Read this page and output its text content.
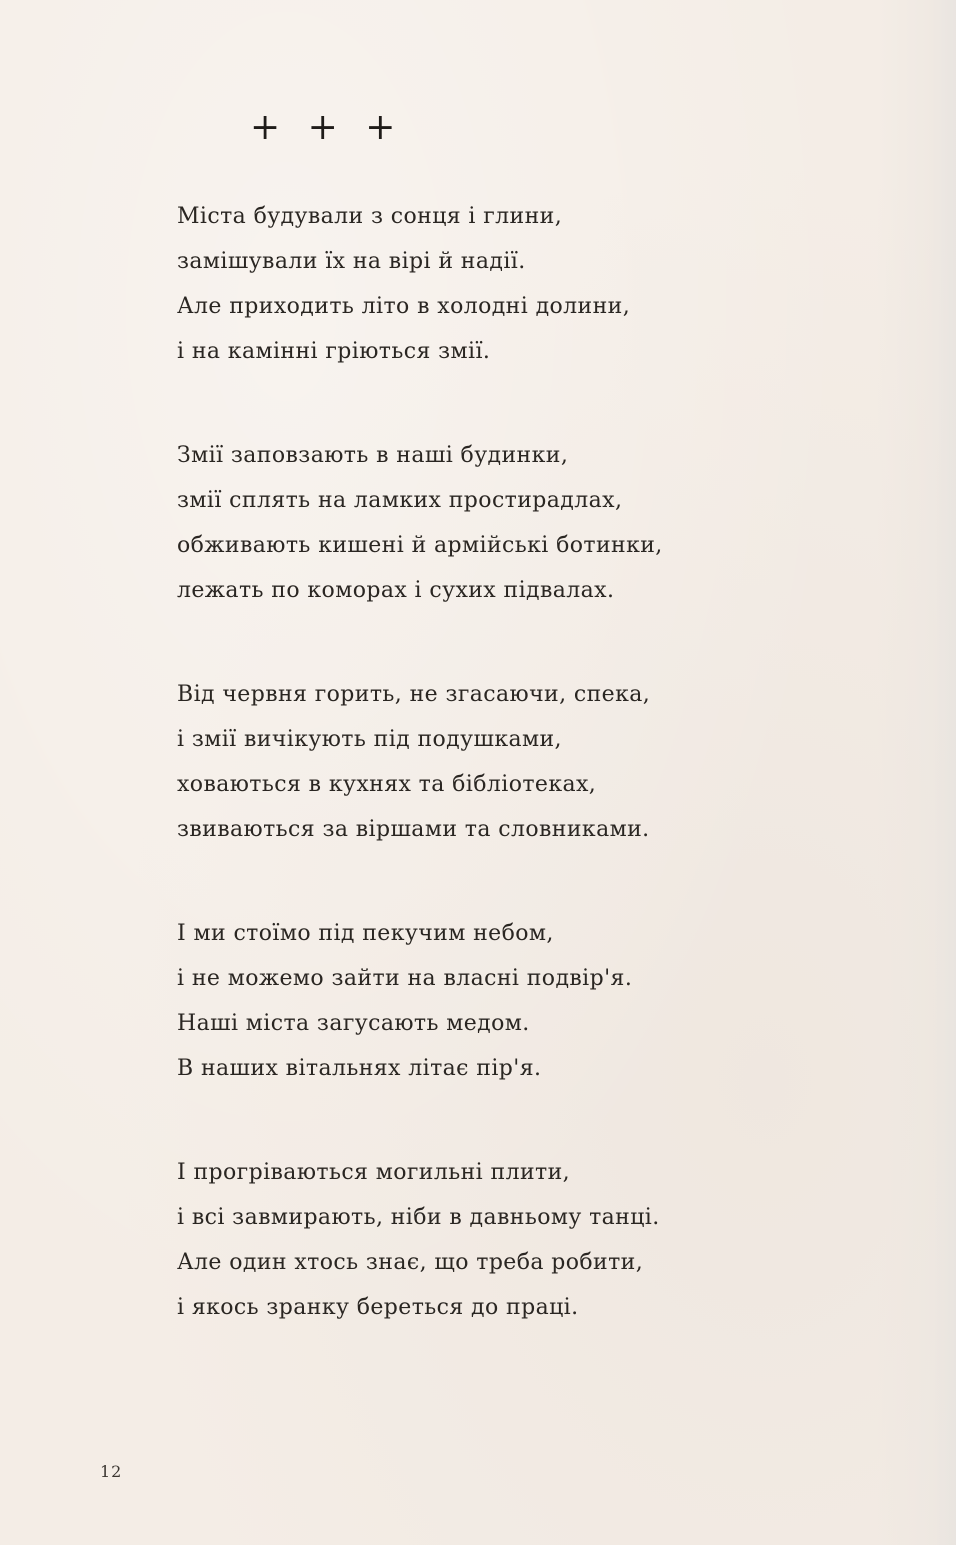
+ + +
Міста будували з сонця і глини,
замішували їх на вірі й надії.
Але приходить літо в холодні долини,
і на камінні гріються змії.
Змії заповзають в наші будинки,
змії сплять на ламких простирадлах,
обживають кишені й армійські ботинки,
лежать по коморах і сухих підвалах.
Від червня горить, не згасаючи, спека,
і змії вичікують під подушками,
ховаються в кухнях та бібліотеках,
звиваються за віршами та словниками.
І ми стоїмо під пекучим небом,
і не можемо зайти на власні подвір'я.
Наші міста загусають медом.
В наших вітальнях літає пір'я.
І прогріваються могильні плити,
і всі завмирають, ніби в давньому танці.
Але один хтось знає, що треба робити,
і якось зранку береться до праці.
12
